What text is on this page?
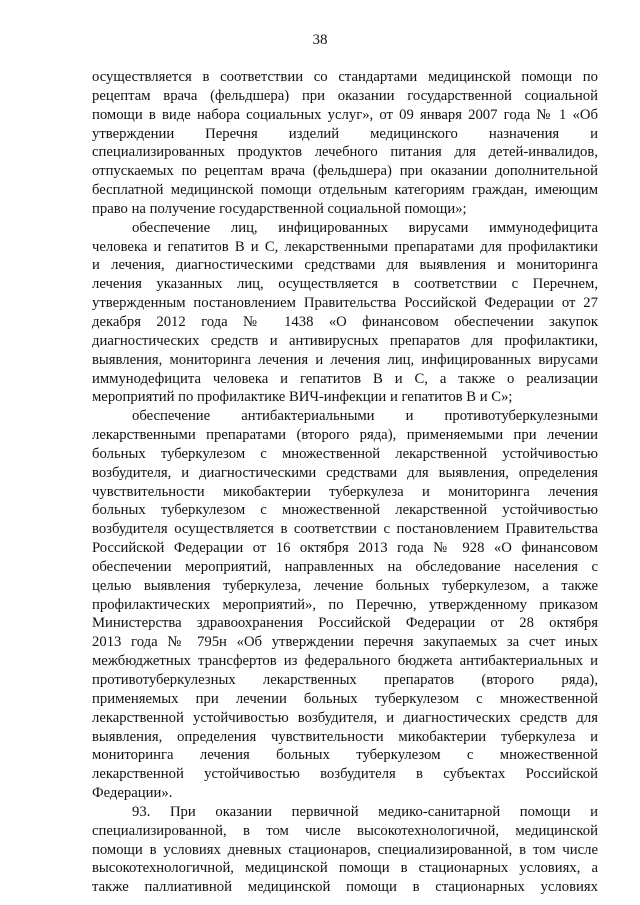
38
осуществляется в соответствии со стандартами медицинской помощи по
рецептам врача (фельдшера) при оказании государственной социальной
помощи в виде набора социальных услуг», от 09 января 2007 года № 1 «Об
утверждении Перечня изделий медицинского назначения и
специализированных продуктов лечебного питания для детей-инвалидов,
отпускаемых по рецептам врача (фельдшера) при оказании дополнительной
бесплатной медицинской помощи отдельным категориям граждан, имеющим
право на получение государственной социальной помощи»;
обеспечение лиц, инфицированных вирусами иммунодефицита
человека и гепатитов В и С, лекарственными препаратами для профилактики
и лечения, диагностическими средствами для выявления и мониторинга
лечения указанных лиц, осуществляется в соответствии с Перечнем,
утвержденным постановлением Правительства Российской Федерации от 27
декабря 2012 года № 1438 «О финансовом обеспечении закупок
диагностических средств и антивирусных препаратов для профилактики,
выявления, мониторинга лечения и лечения лиц, инфицированных вирусами
иммунодефицита человека и гепатитов В и С, а также о реализации
мероприятий по профилактике ВИЧ-инфекции и гепатитов В и С»;
обеспечение антибактериальными и противотуберкулезными
лекарственными препаратами (второго ряда), применяемыми при лечении
больных туберкулезом с множественной лекарственной устойчивостью
возбудителя, и диагностическими средствами для выявления, определения
чувствительности микобактерии туберкулеза и мониторинга лечения
больных туберкулезом с множественной лекарственной устойчивостью
возбудителя осуществляется в соответствии с постановлением Правительства
Российской Федерации от 16 октября 2013 года № 928 «О финансовом
обеспечении мероприятий, направленных на обследование населения с
целью выявления туберкулеза, лечение больных туберкулезом, а также
профилактических мероприятий», по Перечню, утвержденному приказом
Министерства здравоохранения Российской Федерации от 28 октября
2013 года № 795н «Об утверждении перечня закупаемых за счет иных
межбюджетных трансфертов из федерального бюджета антибактериальных и
противотуберкулезных лекарственных препаратов (второго ряда),
применяемых при лечении больных туберкулезом с множественной
лекарственной устойчивостью возбудителя, и диагностических средств для
выявления, определения чувствительности микобактерии туберкулеза и
мониторинга лечения больных туберкулезом с множественной
лекарственной устойчивостью возбудителя в субъектах Российской
Федерации».
93. При оказании первичной медико-санитарной помощи и
специализированной, в том числе высокотехнологичной, медицинской
помощи в условиях дневных стационаров, специализированной, в том числе
высокотехнологичной, медицинской помощи в стационарных условиях, а
также паллиативной медицинской помощи в стационарных условиях
